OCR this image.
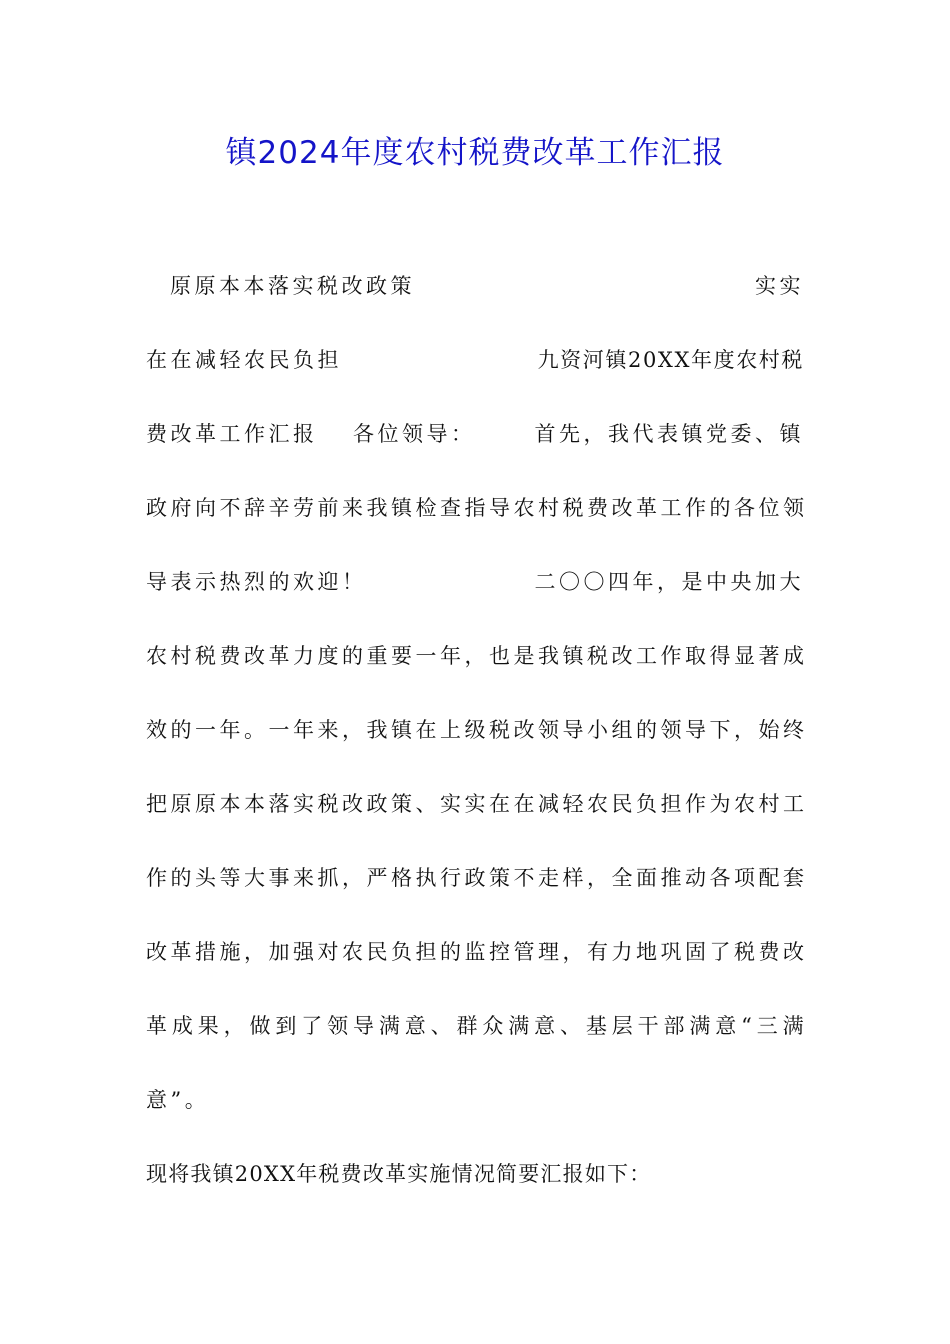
镇2024年度农村税费改革工作汇报
原原本本落实税改政策	实实
在在减轻农民负担	九资河镇20XX年度农村税
费改革工作汇报 各位领导：	首先，我代表镇党委、镇
政 府 向 不 辞 辛 劳 前 来 我 镇 检 查 指 导 农 村 税 费 改 革 工 作 的 各 位 领
导表示热烈的欢迎！	二〇〇四年，是中央加大
农 村 税 费 改 革 力 度 的 重 要 一 年 ， 也 是 我 镇 税 改 工 作 取 得 显 著 成
效 的 一 年 。 一 年 来 ， 我 镇 在 上 级 税 改 领 导 小 组 的 领 导 下 ， 始 终
把 原 原 本 本 落 实 税 改 政 策 、 实 实 在 在 减 轻 农 民 负 担 作 为 农 村 工
作 的 头 等 大 事 来 抓 ， 严 格 执 行 政 策 不 走 样 ， 全 面 推 动 各 项 配 套
改 革 措 施 ， 加 强 对 农 民 负 担 的 监 控 管 理 ， 有 力 地 巩 固 了 税 费 改
革 成 果 ， 做 到 了 领 导 满 意 、 群 众 满 意 、 基 层 干 部 满 意 “ 三 满
意”。
现将我镇20XX年税费改革实施情况简要汇报如下：
